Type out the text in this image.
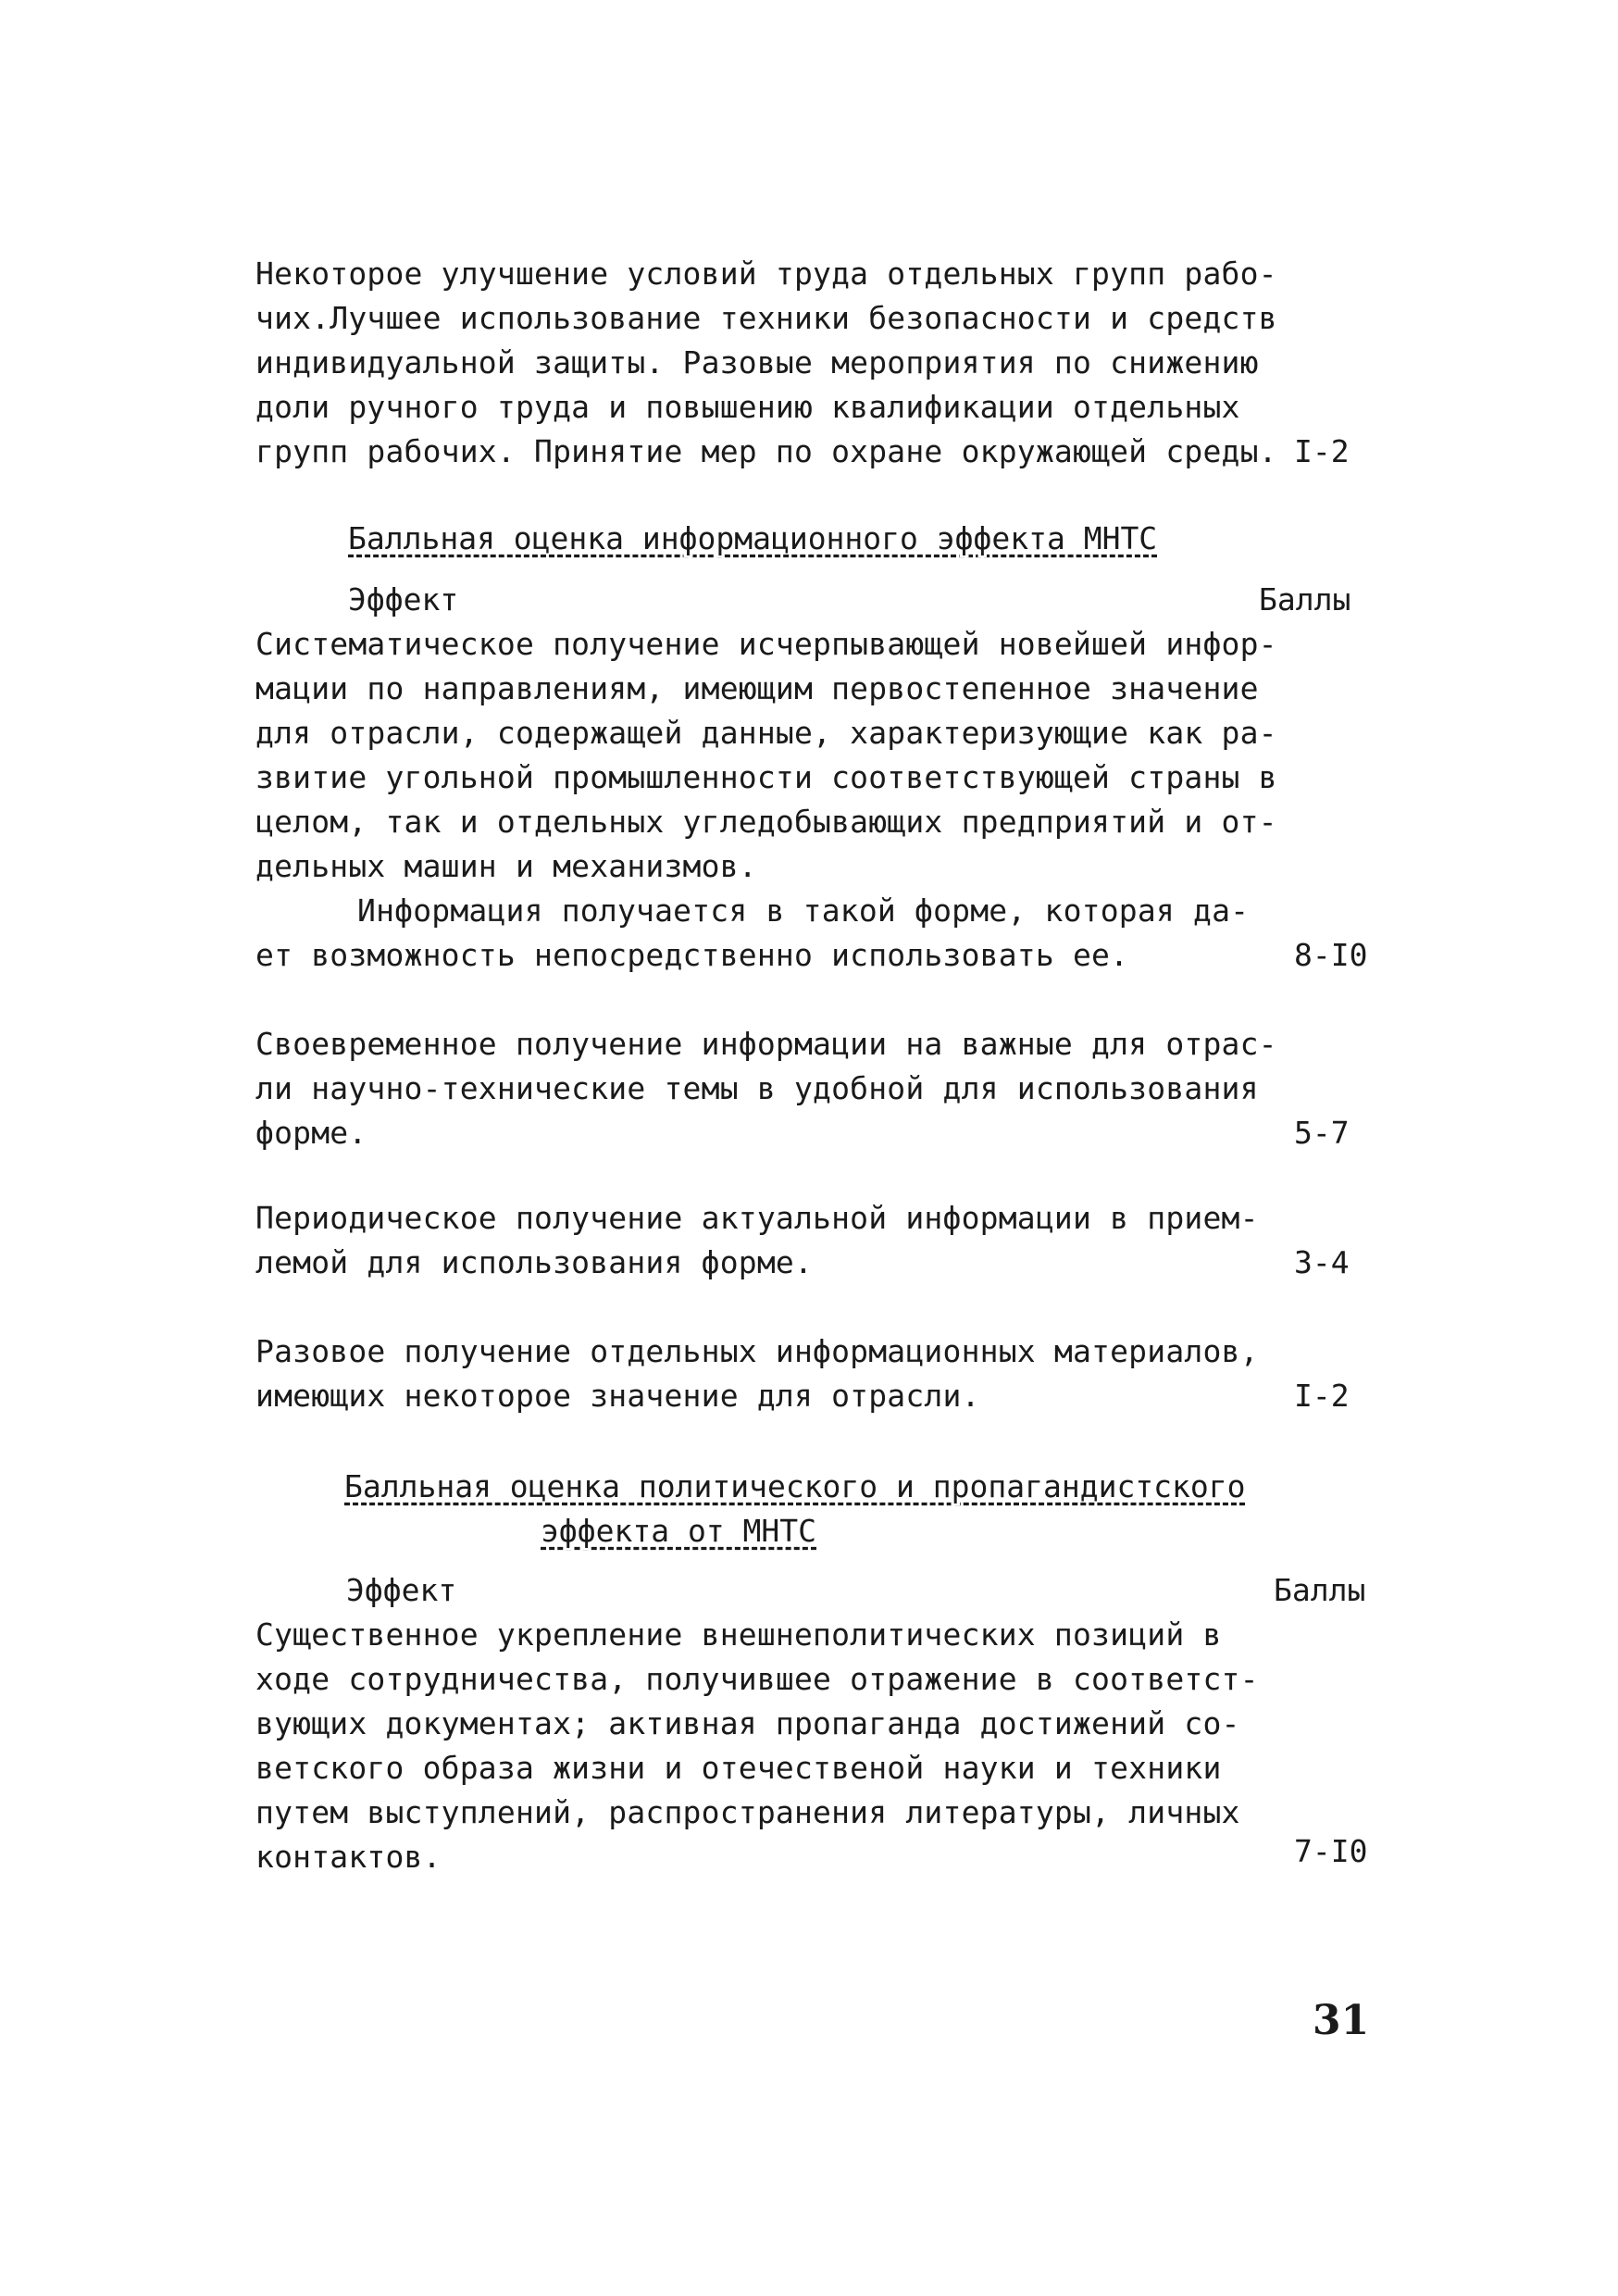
Некоторое улучшение условий труда отдельных групп рабо-
чих.Лучшее использование техники безопасности и средств
индивидуальной защиты. Разовые мероприятия по снижению
доли ручного труда и повышению квалификации отдельных
групп рабочих. Принятие мер по охране окружающей среды. I-2
Балльная оценка информационного эффекта МНТС
Эффект	Баллы
Систематическое получение исчерпывающей новейшей инфор-
мации по направлениям, имеющим первостепенное значение
для отрасли, содержащей данные, характеризующие как ра-
звитие угольной промышленности соответствующей страны в
целом, так и отдельных угледобывающих предприятий и от-
дельных машин и механизмов.
Информация получается в такой форме, которая да-
ет возможность непосредственно использовать ее.	8-I0
Своевременное получение информации на важные для отрас-
ли научно-технические темы в удобной для использования
форме.	5-7
Периодическое получение актуальной информации в прием-
лемой для использования форме.	3-4
Разовое получение отдельных информационных материалов,
имеющих некоторое значение для отрасли.	I-2
Балльная оценка политического и пропагандистского
эффекта от МНТС
Эффект	Баллы
Существенное укрепление внешнеполитических позиций в
ходе сотрудничества, получившее отражение в соответст-
вующих документах; активная пропаганда достижений со-
ветского образа жизни и отечественой науки и техники
путем выступлений, распространения литературы, личных
контактов.	7-I0
31
